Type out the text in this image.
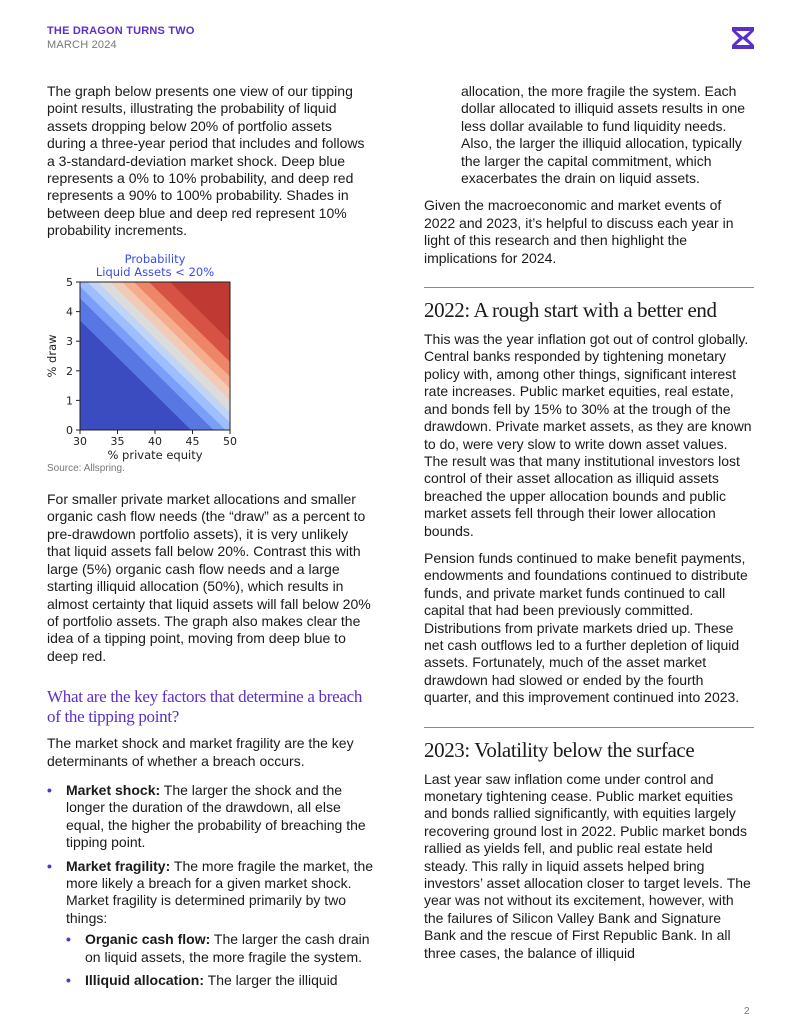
THE DRAGON TURNS TWO
MARCH 2024

The graph below presents one view of our tipping point results, illustrating the probability of liquid assets dropping below 20% of portfolio assets during a three-year period that includes and follows a 3-standard-deviation market shock. Deep blue represents a 0% to 10% probability, and deep red represents a 90% to 100% probability. Shades in between deep blue and deep red represent 10% probability increments.

Probability
Liquid Assets < 20%
30 35 40 45 50
0
1
2
3
4
5
% private equity
% draw
Source: Allspring.

For smaller private market allocations and smaller organic cash flow needs (the “draw” as a percent to pre-drawdown portfolio assets), it is very unlikely that liquid assets fall below 20%. Contrast this with large (5%) organic cash flow needs and a large starting illiquid allocation (50%), which results in almost certainty that liquid assets will fall below 20% of portfolio assets. The graph also makes clear the idea of a tipping point, moving from deep blue to deep red.

What are the key factors that determine a breach of the tipping point?

The market shock and market fragility are the key determinants of whether a breach occurs.

• Market shock: The larger the shock and the longer the duration of the drawdown, all else equal, the higher the probability of breaching the tipping point.
• Market fragility: The more fragile the market, the more likely a breach for a given market shock. Market fragility is determined primarily by two things:
• Organic cash flow: The larger the cash drain on liquid assets, the more fragile the system.
• Illiquid allocation: The larger the illiquid
allocation, the more fragile the system. Each dollar allocated to illiquid assets results in one less dollar available to fund liquidity needs. Also, the larger the illiquid allocation, typically the larger the capital commitment, which exacerbates the drain on liquid assets.

Given the macroeconomic and market events of 2022 and 2023, it’s helpful to discuss each year in light of this research and then highlight the implications for 2024.

2022: A rough start with a better end

This was the year inflation got out of control globally. Central banks responded by tightening monetary policy with, among other things, significant interest rate increases. Public market equities, real estate, and bonds fell by 15% to 30% at the trough of the drawdown. Private market assets, as they are known to do, were very slow to write down asset values. The result was that many institutional investors lost control of their asset allocation as illiquid assets breached the upper allocation bounds and public market assets fell through their lower allocation bounds.

Pension funds continued to make benefit payments, endowments and foundations continued to distribute funds, and private market funds continued to call capital that had been previously committed. Distributions from private markets dried up. These net cash outflows led to a further depletion of liquid assets. Fortunately, much of the asset market drawdown had slowed or ended by the fourth quarter, and this improvement continued into 2023.

2023: Volatility below the surface

Last year saw inflation come under control and monetary tightening cease. Public market equities and bonds rallied significantly, with equities largely recovering ground lost in 2022. Public market bonds rallied as yields fell, and public real estate held steady. This rally in liquid assets helped bring investors’ asset allocation closer to target levels. The year was not without its excitement, however, with the failures of Silicon Valley Bank and Signature Bank and the rescue of First Republic Bank. In all three cases, the balance of illiquid

2
